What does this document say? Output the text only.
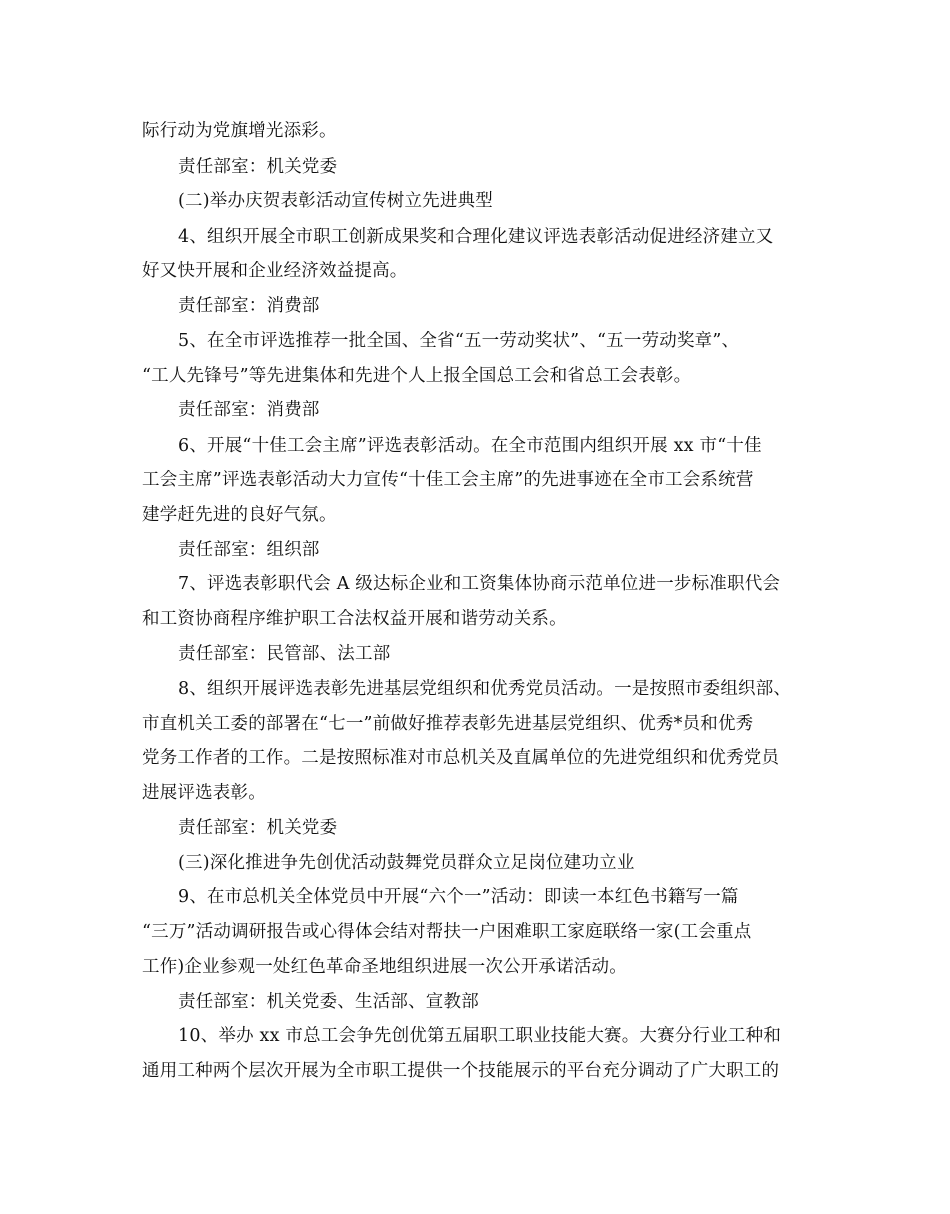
际行动为党旗增光添彩。
责任部室：机关党委
(二)举办庆贺表彰活动宣传树立先进典型
4、组织开展全市职工创新成果奖和合理化建议评选表彰活动促进经济建立又
好又快开展和企业经济效益提高。
责任部室：消费部
5、在全市评选推荐一批全国、全省“五一劳动奖状”、“五一劳动奖章”、
“工人先锋号”等先进集体和先进个人上报全国总工会和省总工会表彰。
责任部室：消费部
6、开展“十佳工会主席”评选表彰活动。在全市范围内组织开展 xx 市“十佳
工会主席”评选表彰活动大力宣传“十佳工会主席”的先进事迹在全市工会系统营
建学赶先进的良好气氛。
责任部室：组织部
7、评选表彰职代会 A 级达标企业和工资集体协商示范单位进一步标准职代会
和工资协商程序维护职工合法权益开展和谐劳动关系。
责任部室：民管部、法工部
8、组织开展评选表彰先进基层党组织和优秀党员活动。一是按照市委组织部、
市直机关工委的部署在“七一”前做好推荐表彰先进基层党组织、优秀*员和优秀
党务工作者的工作。二是按照标准对市总机关及直属单位的先进党组织和优秀党员
进展评选表彰。
责任部室：机关党委
(三)深化推进争先创优活动鼓舞党员群众立足岗位建功立业
9、在市总机关全体党员中开展“六个一”活动：即读一本红色书籍写一篇
“三万”活动调研报告或心得体会结对帮扶一户困难职工家庭联络一家(工会重点
工作)企业参观一处红色革命圣地组织进展一次公开承诺活动。
责任部室：机关党委、生活部、宣教部
10、举办 xx 市总工会争先创优第五届职工职业技能大赛。大赛分行业工种和
通用工种两个层次开展为全市职工提供一个技能展示的平台充分调动了广大职工的
